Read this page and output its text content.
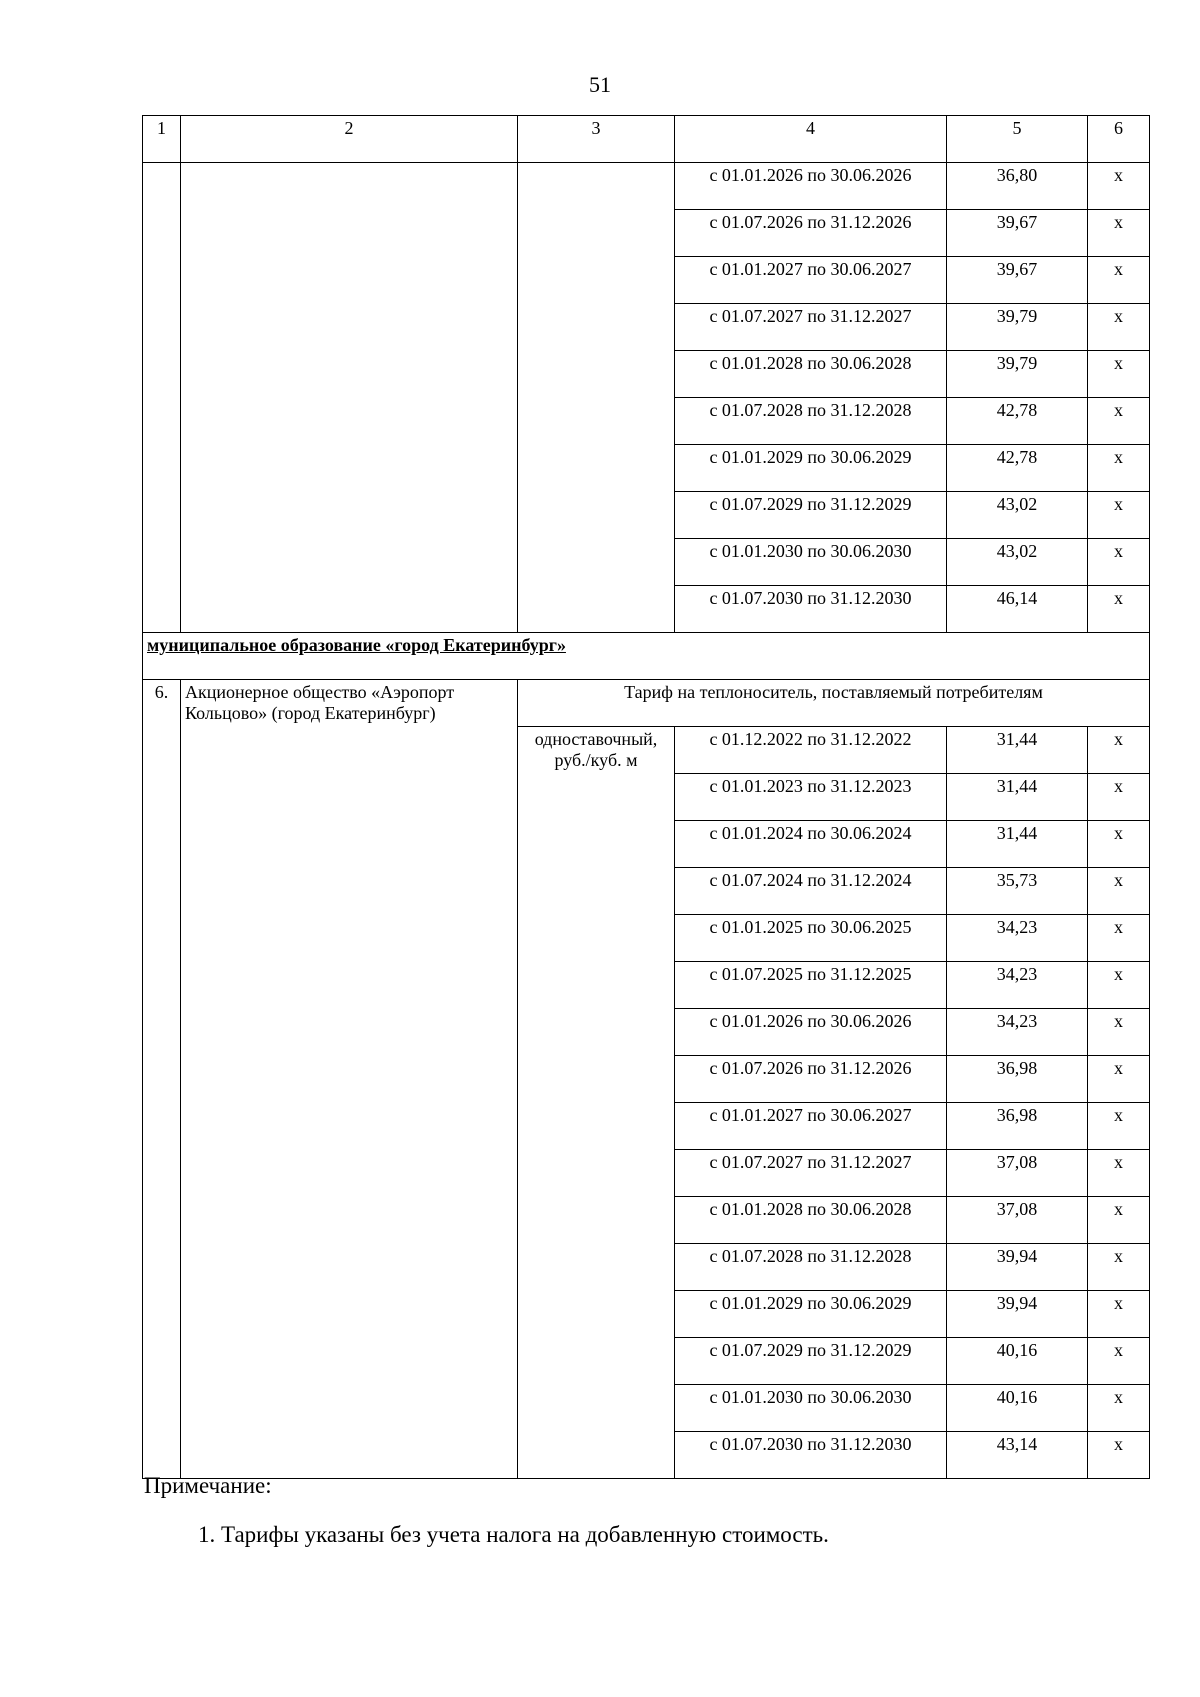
51
1	2	3	4	5	6
			с 01.01.2026 по 30.06.2026	36,80	х
			с 01.07.2026 по 31.12.2026	39,67	х
			с 01.01.2027 по 30.06.2027	39,67	х
			с 01.07.2027 по 31.12.2027	39,79	х
			с 01.01.2028 по 30.06.2028	39,79	х
			с 01.07.2028 по 31.12.2028	42,78	х
			с 01.01.2029 по 30.06.2029	42,78	х
			с 01.07.2029 по 31.12.2029	43,02	х
			с 01.01.2030 по 30.06.2030	43,02	х
			с 01.07.2030 по 31.12.2030	46,14	х
муниципальное образование «город Екатеринбург»					
6.	Акционерное общество «Аэропорт Кольцово» (город Екатеринбург)	Тариф на теплоноситель, поставляемый потребителям			
		одноставочный, руб./куб. м	с 01.12.2022 по 31.12.2022	31,44	х
			с 01.01.2023 по 31.12.2023	31,44	х
			с 01.01.2024 по 30.06.2024	31,44	х
			с 01.07.2024 по 31.12.2024	35,73	х
			с 01.01.2025 по 30.06.2025	34,23	х
			с 01.07.2025 по 31.12.2025	34,23	х
			с 01.01.2026 по 30.06.2026	34,23	х
			с 01.07.2026 по 31.12.2026	36,98	х
			с 01.01.2027 по 30.06.2027	36,98	х
			с 01.07.2027 по 31.12.2027	37,08	х
			с 01.01.2028 по 30.06.2028	37,08	х
			с 01.07.2028 по 31.12.2028	39,94	х
			с 01.01.2029 по 30.06.2029	39,94	х
			с 01.07.2029 по 31.12.2029	40,16	х
			с 01.01.2030 по 30.06.2030	40,16	х
			с 01.07.2030 по 31.12.2030	43,14	х
Примечание:
1. Тарифы указаны без учета налога на добавленную стоимость.
